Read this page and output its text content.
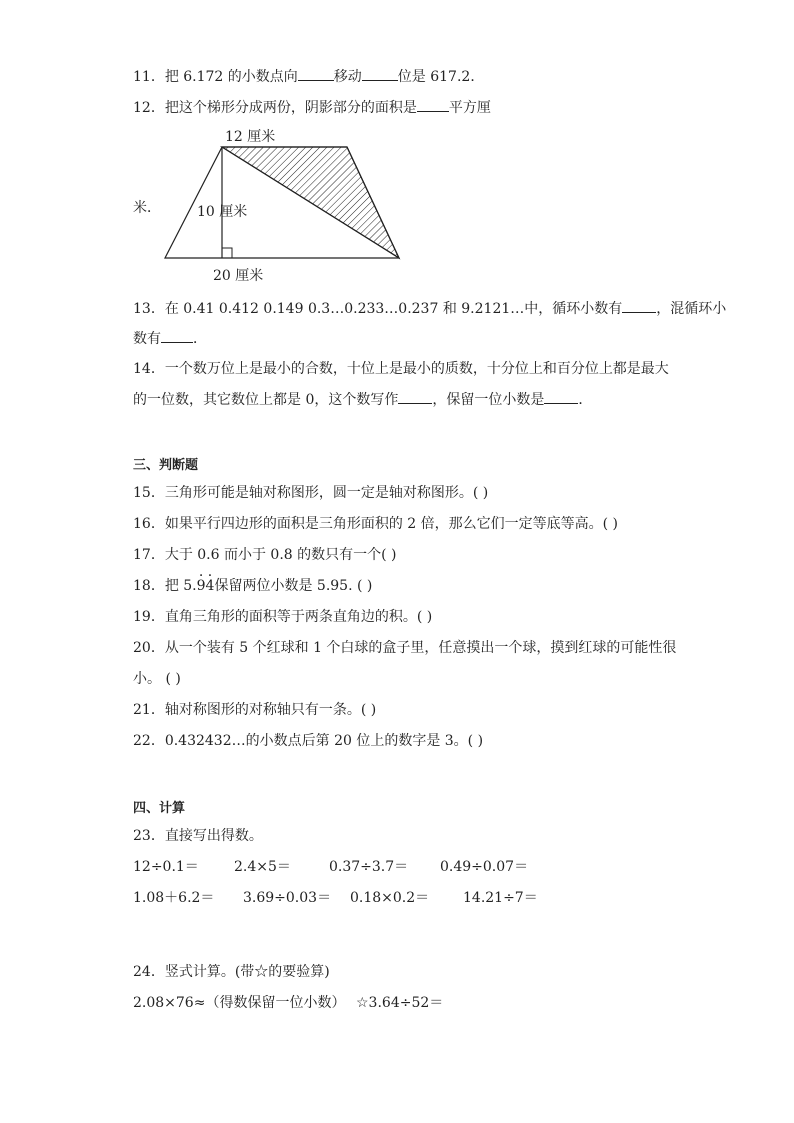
11．把 6.172 的小数点向	移动	位是 617.2．
12．把这个梯形分成两份，阴影部分的面积是 平方厘
米．
12 厘米
10 厘米
20 厘米
13．在 0.41 0.412 0.149 0.3…0.233…0.237 和 9.2121…中，循环小数有 ，混循环小
数有 ．
14．一个数万位上是最小的合数，十位上是最小的质数，十分位上和百分位上都是最大
的一位数，其它数位上都是 0，这个数写作 ，保留一位小数是 ．
三、判断题
15．三角形可能是轴对称图形，圆一定是轴对称图形。( )
16．如果平行四边形的面积是三角形面积的 2 倍，那么它们一定等底等高。( )
17．大于 0.6 而小于 0.8 的数只有一个( )
18．把 5.· 9· 4保留两位小数是 5.95. ( )
19．直角三角形的面积等于两条直角边的积。( )
20．从一个装有 5 个红球和 1 个白球的盒子里，任意摸出一个球，摸到红球的可能性很
小。 ( )
21．轴对称图形的对称轴只有一条。( )
22．0.432432…的小数点后第 20 位上的数字是 3。( )
四、计算
23．直接写出得数。
12÷0.1＝	2.4×5＝	0.37÷3.7＝ 0.49÷0.07＝
1.08＋6.2＝ 3.69÷0.03＝ 0.18×0.2＝ 14.21÷7＝
24．竖式计算。(带☆的要验算)
2.08×76≈（得数保留一位小数） ☆3.64÷52＝
